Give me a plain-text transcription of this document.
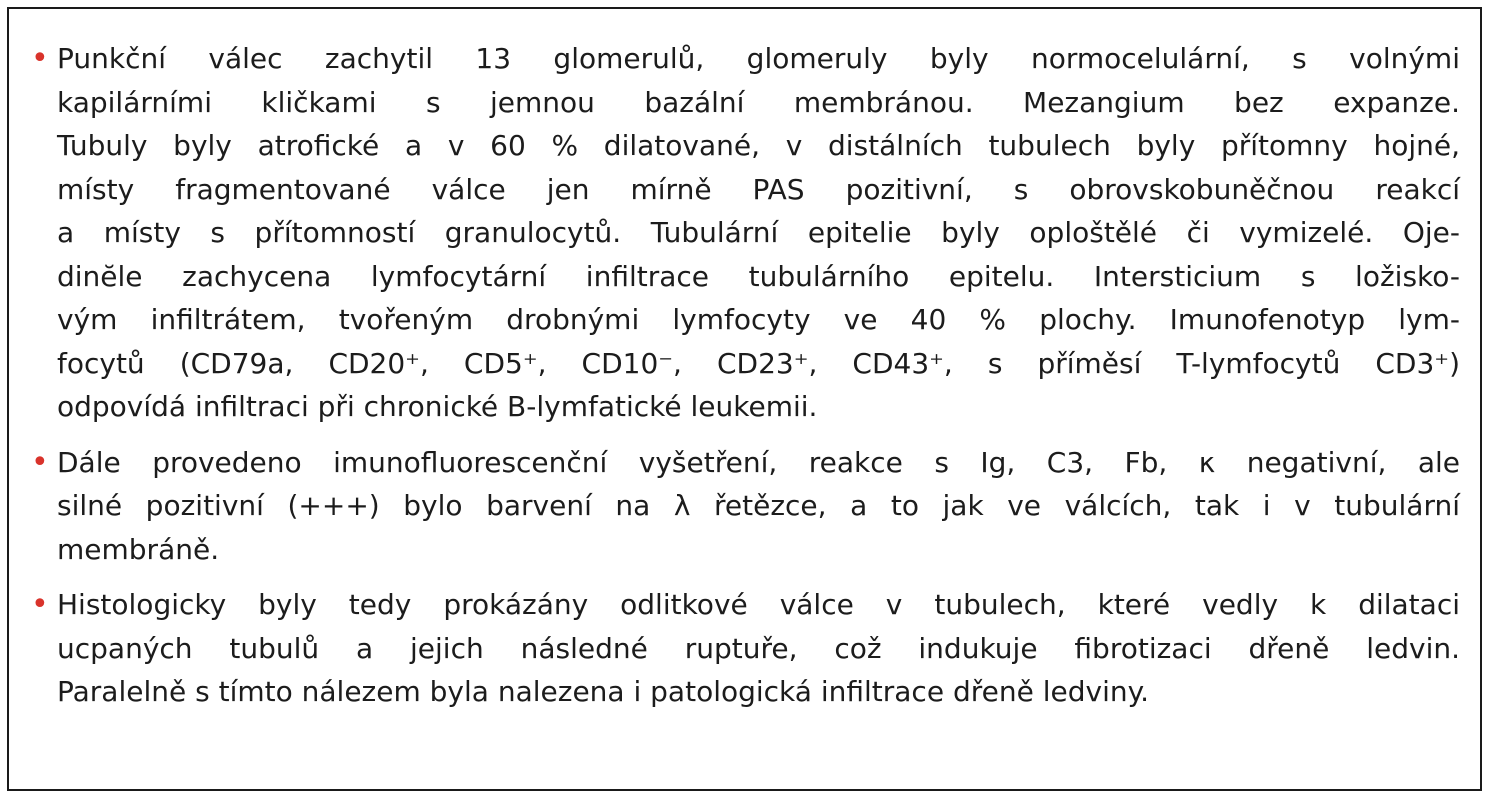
• Punkční válec zachytil 13 glomerulů, glomeruly byly normocelulární, s volnými
kapilárními kličkami s jemnou bazální membránou. Mezangium bez expanze.
Tubuly byly atrofické a v 60 % dilatované, v distálních tubulech byly přítomny hojné,
místy fragmentované válce jen mírně PAS pozitivní, s obrovskobuněčnou reakcí
a místy s přítomností granulocytů. Tubulární epitelie byly oploštělé či vymizelé. Oje-
dinĕle zachycena lymfocytární infiltrace tubulárního epitelu. Intersticium s ložisko-
vým infiltrátem, tvořeným drobnými lymfocyty ve 40 % plochy. Imunofenotyp lym-
focytů (CD79a, CD20⁺, CD5⁺, CD10⁻, CD23⁺, CD43⁺, s příměsí T-lymfocytů CD3⁺)
odpovídá infiltraci při chronické B-lymfatické leukemii.
• Dále provedeno imunofluorescenční vyšetření, reakce s Ig, C3, Fb, κ negativní, ale
silné pozitivní (+++) bylo barvení na λ řetězce, a to jak ve válcích, tak i v tubulární
membráně.
• Histologicky byly tedy prokázány odlitkové válce v tubulech, které vedly k dilataci
ucpaných tubulů a jejich následné ruptuře, což indukuje fibrotizaci dřeně ledvin.
Paralelně s tímto nálezem byla nalezena i patologická infiltrace dřeně ledviny.
